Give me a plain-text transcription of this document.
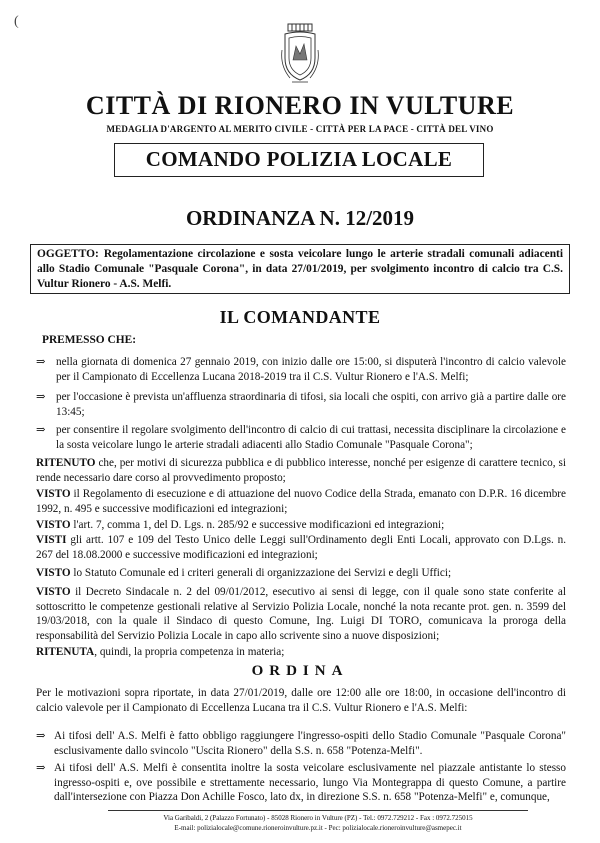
(
CITTÀ DI RIONERO IN VULTURE
MEDAGLIA D'ARGENTO AL MERITO CIVILE - CITTÀ PER LA PACE - CITTÀ DEL VINO
COMANDO POLIZIA LOCALE
ORDINANZA N. 12/2019
OGGETTO: Regolamentazione circolazione e sosta veicolare lungo le arterie stradali comunali adiacenti allo Stadio Comunale "Pasquale Corona", in data 27/01/2019, per svolgimento incontro di calcio tra C.S. Vultur Rionero - A.S. Melfi.
IL COMANDANTE
PREMESSO CHE:
⇒ nella giornata di domenica 27 gennaio 2019, con inizio dalle ore 15:00, si disputerà l'incontro di calcio valevole per il Campionato di Eccellenza Lucana 2018-2019 tra il C.S. Vultur Rionero e l'A.S. Melfi;
⇒ per l'occasione è prevista un'affluenza straordinaria di tifosi, sia locali che ospiti, con arrivo già a partire dalle ore 13:45;
⇒ per consentire il regolare svolgimento dell'incontro di calcio di cui trattasi, necessita disciplinare la circolazione e la sosta veicolare lungo le arterie stradali adiacenti allo Stadio Comunale "Pasquale Corona";
RITENUTO che, per motivi di sicurezza pubblica e di pubblico interesse, nonché per esigenze di carattere tecnico, si rende necessario dare corso al provvedimento proposto;
VISTO il Regolamento di esecuzione e di attuazione del nuovo Codice della Strada, emanato con D.P.R. 16 dicembre 1992, n. 495 e successive modificazioni ed integrazioni;
VISTO l'art. 7, comma 1, del D. Lgs. n. 285/92 e successive modificazioni ed integrazioni;
VISTI gli artt. 107 e 109 del Testo Unico delle Leggi sull'Ordinamento degli Enti Locali, approvato con D.Lgs. n. 267 del 18.08.2000 e successive modificazioni ed integrazioni;
VISTO lo Statuto Comunale ed i criteri generali di organizzazione dei Servizi e degli Uffici;
VISTO il Decreto Sindacale n. 2 del 09/01/2012, esecutivo ai sensi di legge, con il quale sono state conferite al sottoscritto le competenze gestionali relative al Servizio Polizia Locale, nonché la nota recante prot. gen. n. 3599 del 19/03/2018, con la quale il Sindaco di questo Comune, Ing. Luigi DI TORO, comunicava la proroga della responsabilità del Servizio Polizia Locale in capo allo scrivente sino a nuove disposizioni;
RITENUTA, quindi, la propria competenza in materia;
ORDINA
Per le motivazioni sopra riportate, in data 27/01/2019, dalle ore 12:00 alle ore 18:00, in occasione dell'incontro di calcio valevole per il Campionato di Eccellenza Lucana tra il C.S. Vultur Rionero e l'A.S. Melfi:
⇒ Ai tifosi dell' A.S. Melfi è fatto obbligo raggiungere l'ingresso-ospiti dello Stadio Comunale "Pasquale Corona" esclusivamente dallo svincolo "Uscita Rionero" della S.S. n. 658 "Potenza-Melfi".
⇒ Ai tifosi dell' A.S. Melfi è consentita inoltre la sosta veicolare esclusivamente nel piazzale antistante lo stesso ingresso-ospiti e, ove possibile e strettamente necessario, lungo Via Montegrappa di questo Comune, a partire dall'intersezione con Piazza Don Achille Fosco, lato dx, in direzione S.S. n. 658 "Potenza-Melfi" e, comunque,
Via Garibaldi, 2 (Palazzo Fortunato) - 85028 Rionero in Vulture (PZ) - Tel.: 0972.729212 - Fax : 0972.725015
E-mail: polizialocale@comune.rioneroinvulture.pz.it - Pec: polizialocale.rioneroinvulture@asmepec.it
